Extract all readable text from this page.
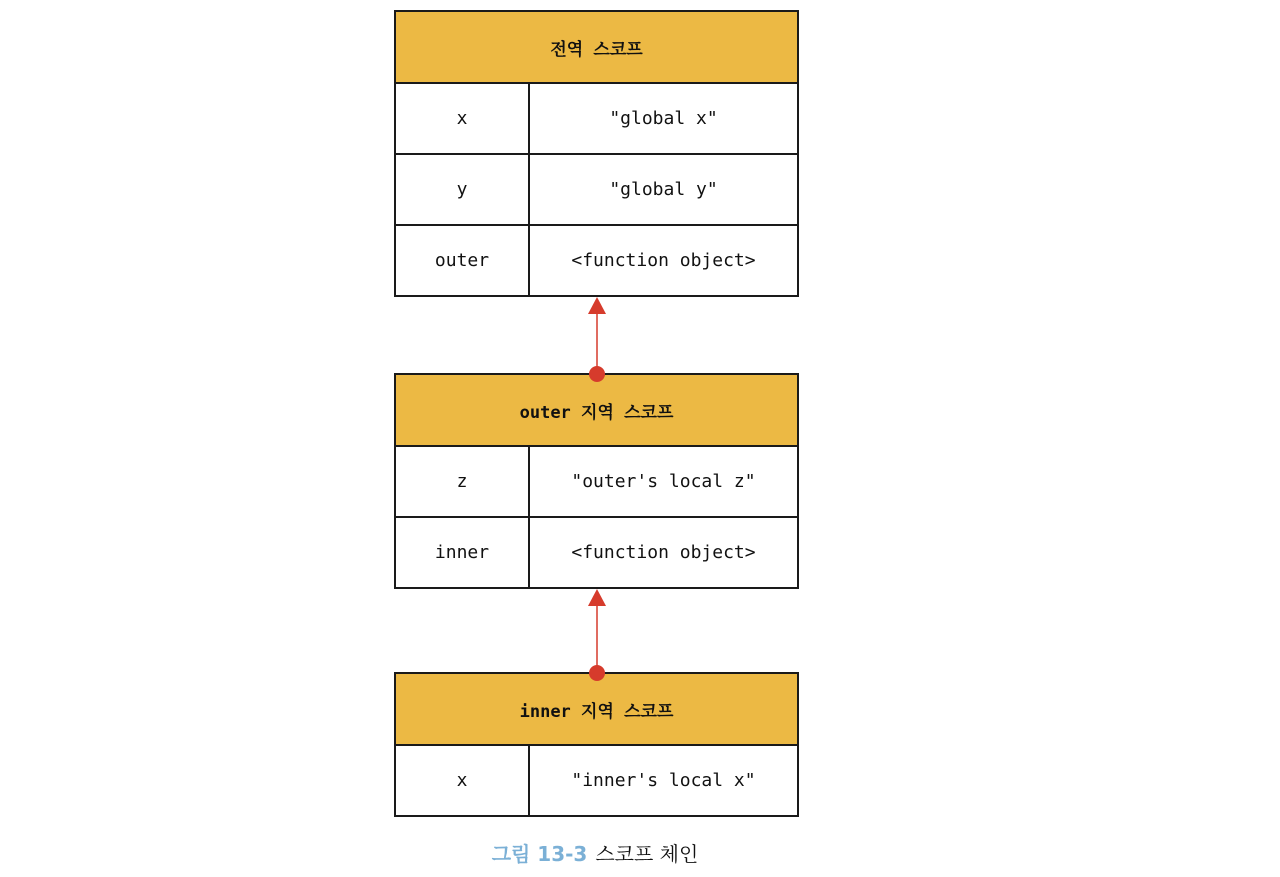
전역 스코프
x	"global x"
y	"global y"
outer	<function object>
outer 지역 스코프
z	"outer's local z"
inner	<function object>
inner 지역 스코프
x	"inner's local x"
그림 13-3 스코프 체인
